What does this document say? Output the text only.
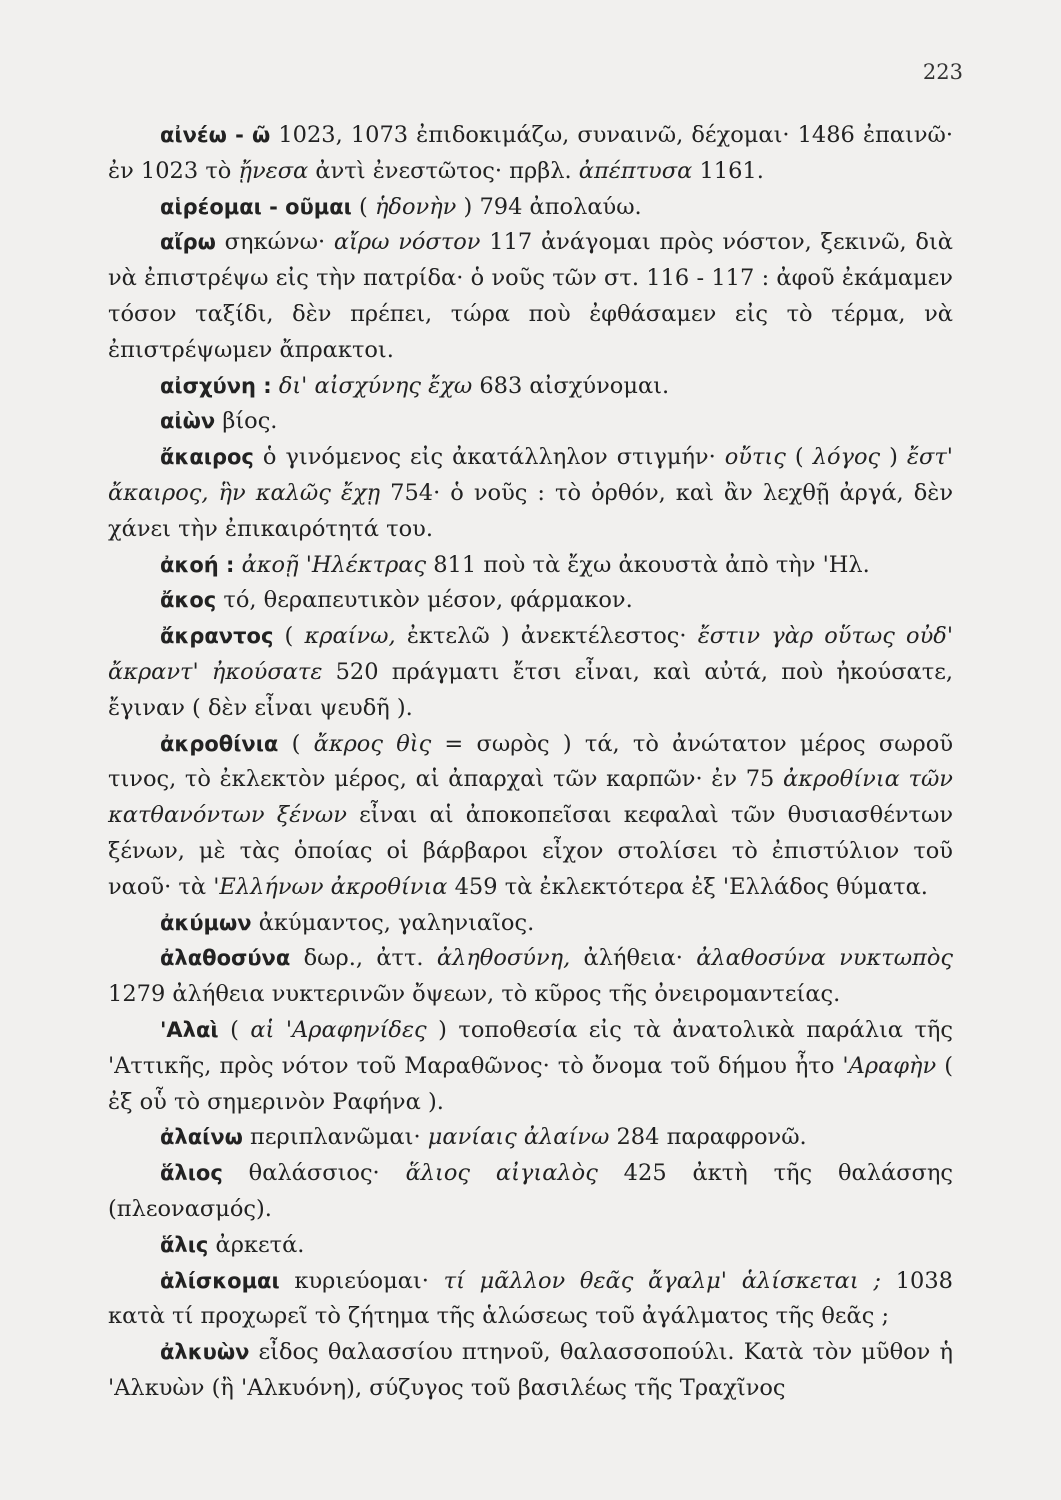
223

αἰνέω - ῶ 1023, 1073 ἐπιδοκιμάζω, συναινῶ, δέχομαι· 1486 ἐπαινῶ· ἐν 1023 τὸ ᾔνεσα ἀντὶ ἐνεστῶτος· πρβλ. ἀπέπτυσα 1161.

αἱρέομαι - οῦμαι ( ἡδονὴν ) 794 ἀπολαύω.

αἴρω σηκώνω· αἴρω νόστον 117 ἀνάγομαι πρὸς νόστον, ξεκινῶ, διὰ νὰ ἐπιστρέψω εἰς τὴν πατρίδα· ὁ νοῦς τῶν στ. 116 - 117 : ἀφοῦ ἐκάμαμεν τόσον ταξίδι, δὲν πρέπει, τώρα ποὺ ἐφθάσαμεν εἰς τὸ τέρμα, νὰ ἐπιστρέψωμεν ἄπρακτοι.

αἰσχύνη : δι' αἰσχύνης ἔχω 683 αἰσχύνομαι.

αἰὼν βίος.

ἄκαιρος ὁ γινόμενος εἰς ἀκατάλληλον στιγμήν· οὔτις ( λόγος ) ἔστ' ἄκαιρος, ἣν καλῶς ἔχῃ 754· ὁ νοῦς : τὸ ὀρθόν, καὶ ἂν λεχθῇ ἀργά, δὲν χάνει τὴν ἐπικαιρότητά του.

ἀκοή : ἀκοῇ 'Ηλέκτρας 811 ποὺ τὰ ἔχω ἀκουστὰ ἀπὸ τὴν 'Ηλ.

ἄκος τό, θεραπευτικὸν μέσον, φάρμακον.

ἄκραντος ( κραίνω, ἐκτελῶ ) ἀνεκτέλεστος· ἔστιν γὰρ οὕτως οὐδ' ἄκραντ' ἠκούσατε 520 πράγματι ἔτσι εἶναι, καὶ αὐτά, ποὺ ἠκούσατε, ἔγιναν ( δὲν εἶναι ψευδῆ ).

ἀκροθίνια ( ἄκρος θὶς = σωρὸς ) τά, τὸ ἀνώτατον μέρος σωροῦ τινος, τὸ ἐκλεκτὸν μέρος, αἱ ἀπαρχαὶ τῶν καρπῶν· ἐν 75 ἀκροθίνια τῶν κατθανόντων ξένων εἶναι αἱ ἀποκοπεῖσαι κεφαλαὶ τῶν θυσιασθέντων ξένων, μὲ τὰς ὁποίας οἱ βάρβαροι εἶχον στολίσει τὸ ἐπιστύλιον τοῦ ναοῦ· τὰ 'Ελλήνων ἀκροθίνια 459 τὰ ἐκλεκτότερα ἐξ 'Ελλάδος θύματα.

ἀκύμων ἀκύμαντος, γαληνιαῖος.

ἀλαθοσύνα δωρ., ἀττ. ἀληθοσύνη, ἀλήθεια· ἀλαθοσύνα νυκτωπὸς 1279 ἀλήθεια νυκτερινῶν ὄψεων, τὸ κῦρος τῆς ὀνειρομαντείας.

'Αλαὶ ( αἱ 'Αραφηνίδες ) τοποθεσία εἰς τὰ ἀνατολικὰ παράλια τῆς 'Αττικῆς, πρὸς νότον τοῦ Μαραθῶνος· τὸ ὄνομα τοῦ δήμου ἦτο 'Αραφὴν ( ἐξ οὗ τὸ σημερινὸν Ραφήνα ).

ἀλαίνω περιπλανῶμαι· μανίαις ἀλαίνω 284 παραφρονῶ.

ἅλιος θαλάσσιος· ἅλιος αἰγιαλὸς 425 ἀκτὴ τῆς θαλάσσης (πλεονασμός).

ἅλις ἀρκετά.

ἁλίσκομαι κυριεύομαι· τί μᾶλλον θεᾶς ἄγαλμ' ἁλίσκεται ; 1038 κατὰ τί προχωρεῖ τὸ ζήτημα τῆς ἁλώσεως τοῦ ἀγάλματος τῆς θεᾶς ;

ἀλκυὼν εἶδος θαλασσίου πτηνοῦ, θαλασσοπούλι. Κατὰ τὸν μῦθον ἡ 'Αλκυὼν (ἢ 'Αλκυόνη), σύζυγος τοῦ βασιλέως τῆς Τραχῖνος
